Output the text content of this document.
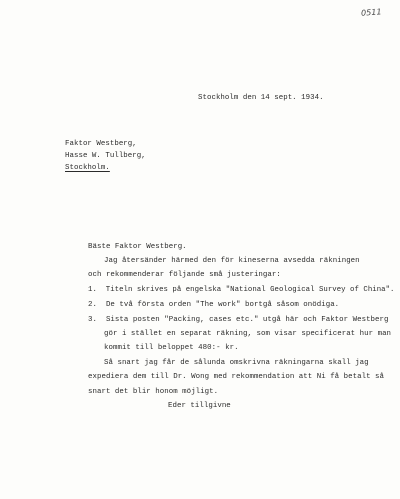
0511
Stockholm den 14 sept. 1934.
Faktor Westberg,
Hasse W. Tullberg,
Stockholm.
Bäste Faktor Westberg.
Jag återsänder härmed den för kineserna avsedda räkningen
och rekommenderar följande små justeringar:
1.  Titeln skrives på engelska "National Geological Survey of China".
2.  De två första orden "The work" bortgå såsom onödiga.
3.  Sista posten "Packing, cases etc." utgå här och Faktor Westberg
gör i stället en separat räkning, som visar specificerat hur man
kommit till beloppet 480:- kr.
Så snart jag får de sålunda omskrivna räkningarna skall jag
expediera dem till Dr. Wong med rekommendation att Ni få betalt så
snart det blir honom möjligt.
Eder tillgivne
